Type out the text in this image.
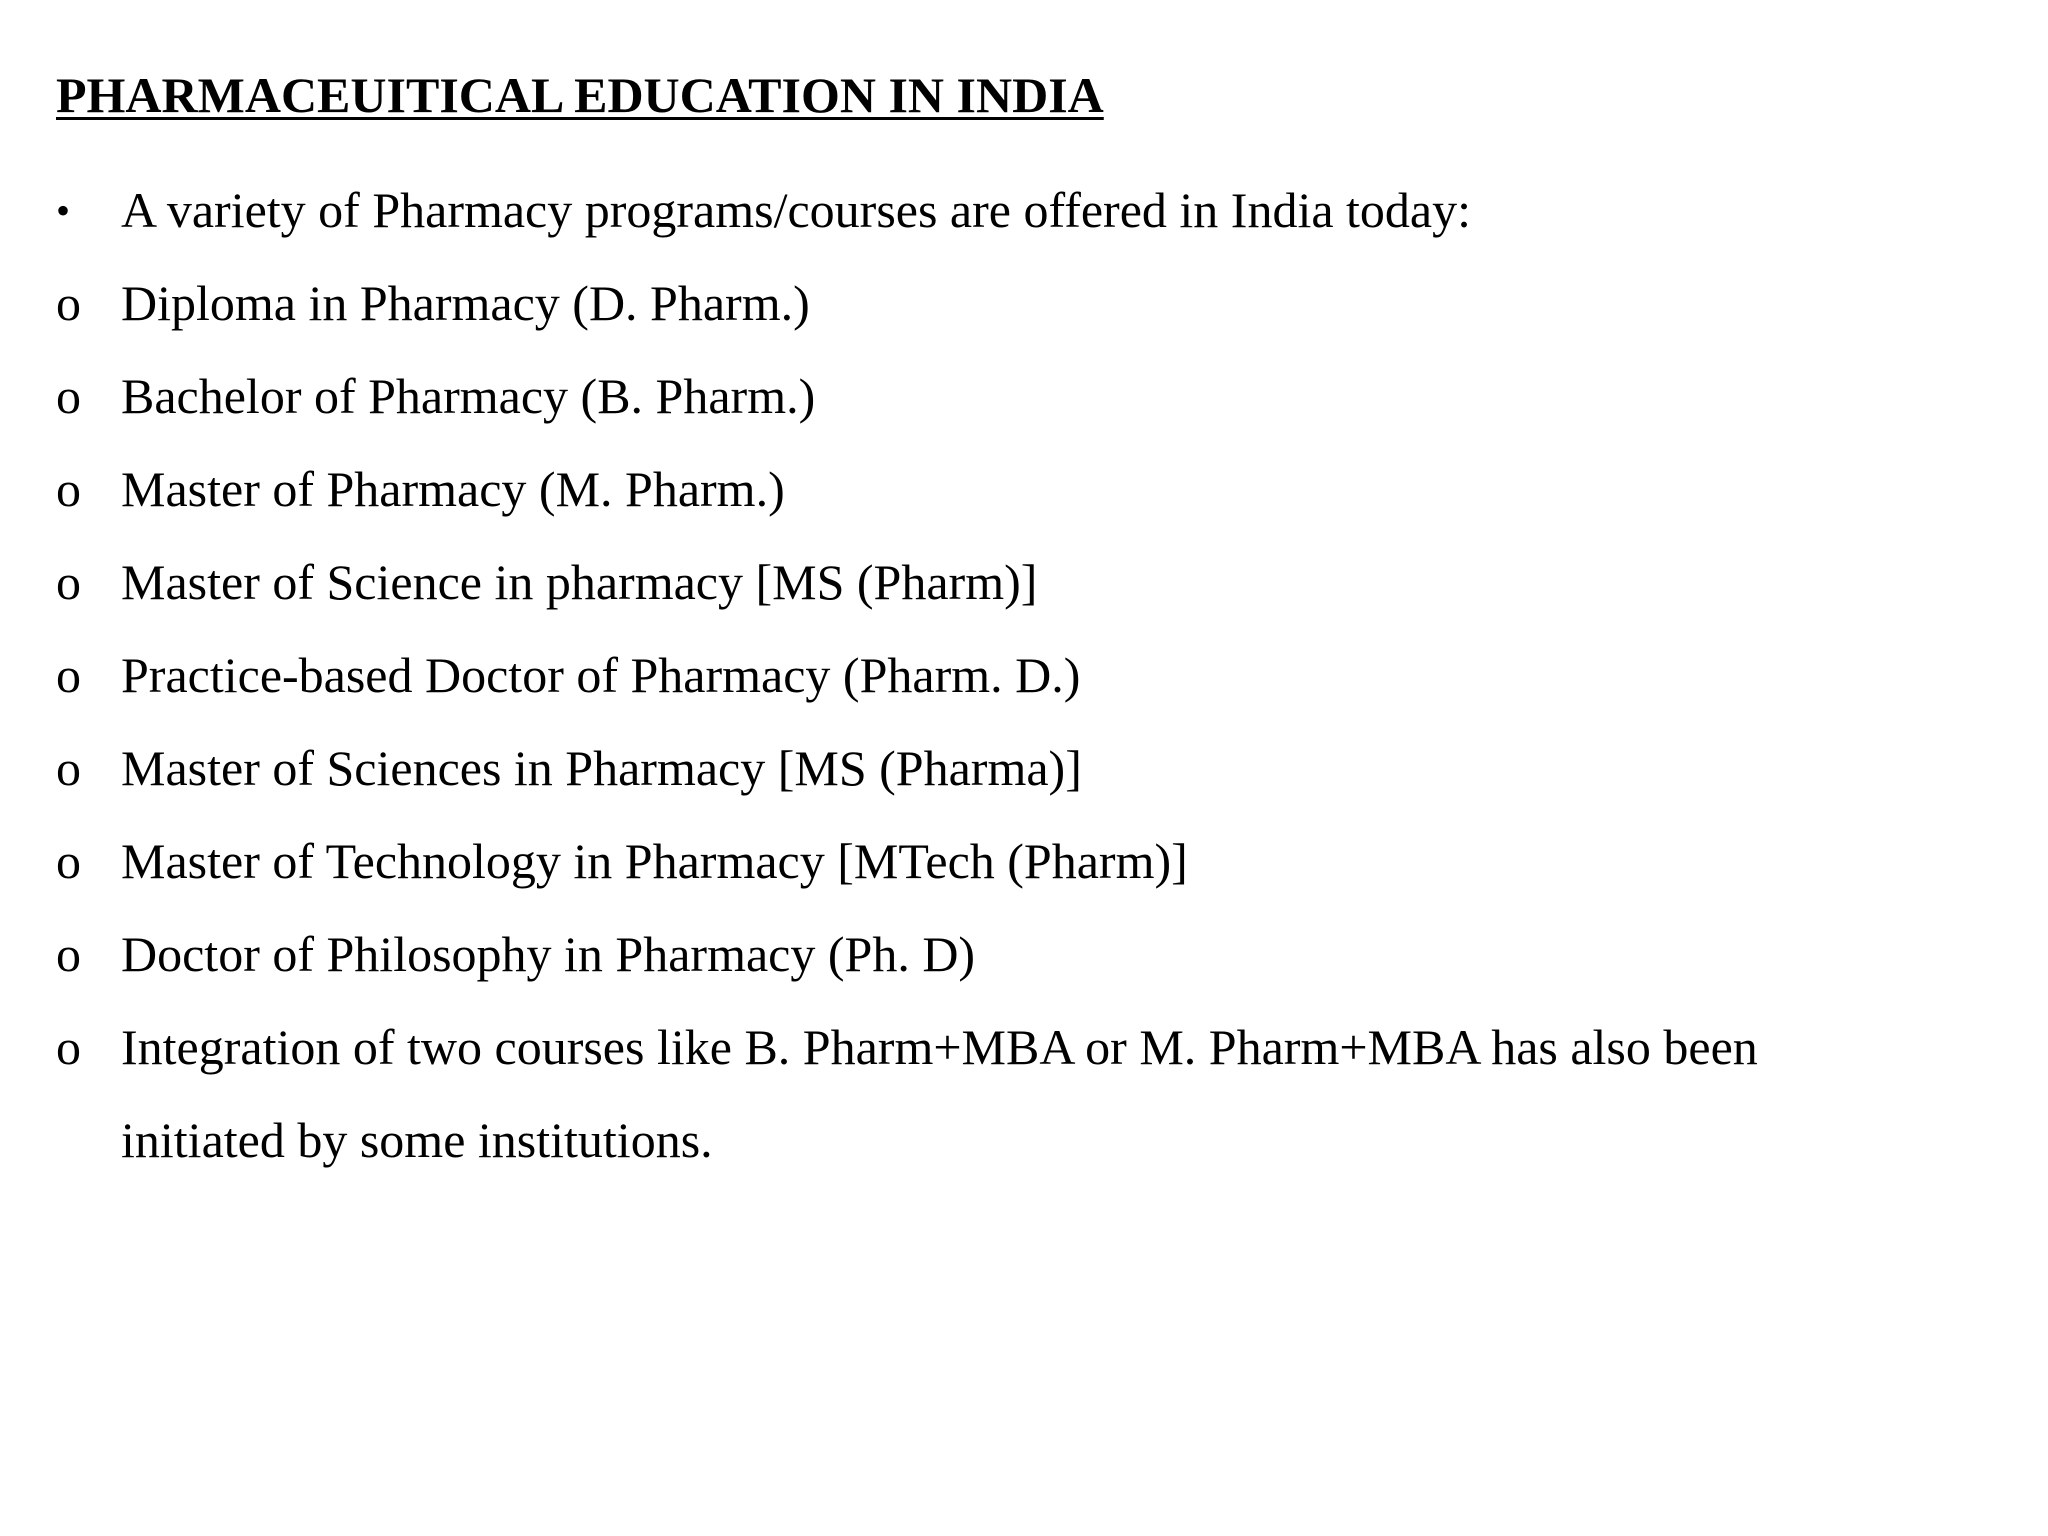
PHARMACEUITICAL EDUCATION IN INDIA
•	A variety of Pharmacy programs/courses are offered in India today:
o Diploma in Pharmacy (D. Pharm.)
o Bachelor of Pharmacy (B. Pharm.)
o Master of Pharmacy (M. Pharm.)
o Master of Science in pharmacy [MS (Pharm)]
o Practice-based Doctor of Pharmacy (Pharm. D.)
o Master of Sciences in Pharmacy [MS (Pharma)]
o Master of Technology in Pharmacy [MTech (Pharm)]
o Doctor of Philosophy in Pharmacy (Ph. D)
o Integration of two courses like B. Pharm+MBA or M. Pharm+MBA has also been
initiated by some institutions.
